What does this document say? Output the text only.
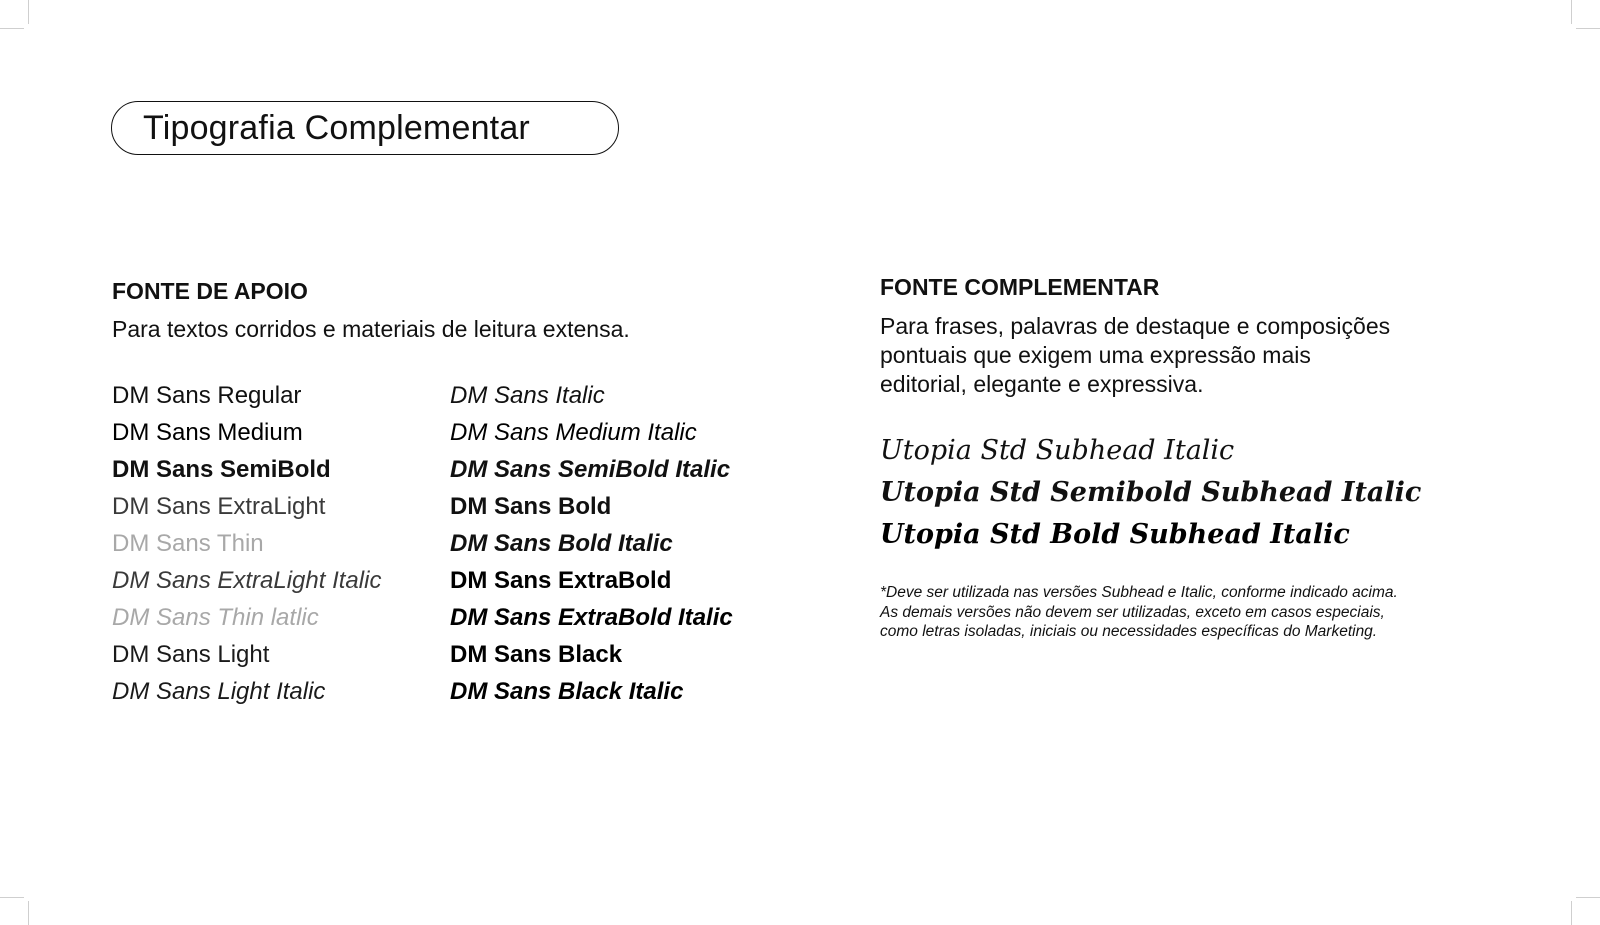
Tipografia Complementar
FONTE DE APOIO
Para textos corridos e materiais de leitura extensa.
DM Sans Regular
DM Sans Medium
DM Sans SemiBold
DM Sans ExtraLight
DM Sans Thin
DM Sans ExtraLight Italic
DM Sans Thin latlic
DM Sans Light
DM Sans Light Italic
DM Sans Italic
DM Sans Medium Italic
DM Sans SemiBold Italic
DM Sans Bold
DM Sans Bold Italic
DM Sans ExtraBold
DM Sans ExtraBold Italic
DM Sans Black
DM Sans Black Italic
FONTE COMPLEMENTAR
Para frases, palavras de destaque e composições
pontuais que exigem uma expressão mais
editorial, elegante e expressiva.
Utopia Std Subhead Italic
Utopia Std Semibold Subhead Italic
Utopia Std Bold Subhead Italic
*Deve ser utilizada nas versões Subhead e Italic, conforme indicado acima.
As demais versões não devem ser utilizadas, exceto em casos especiais,
como letras isoladas, iniciais ou necessidades específicas do Marketing.
